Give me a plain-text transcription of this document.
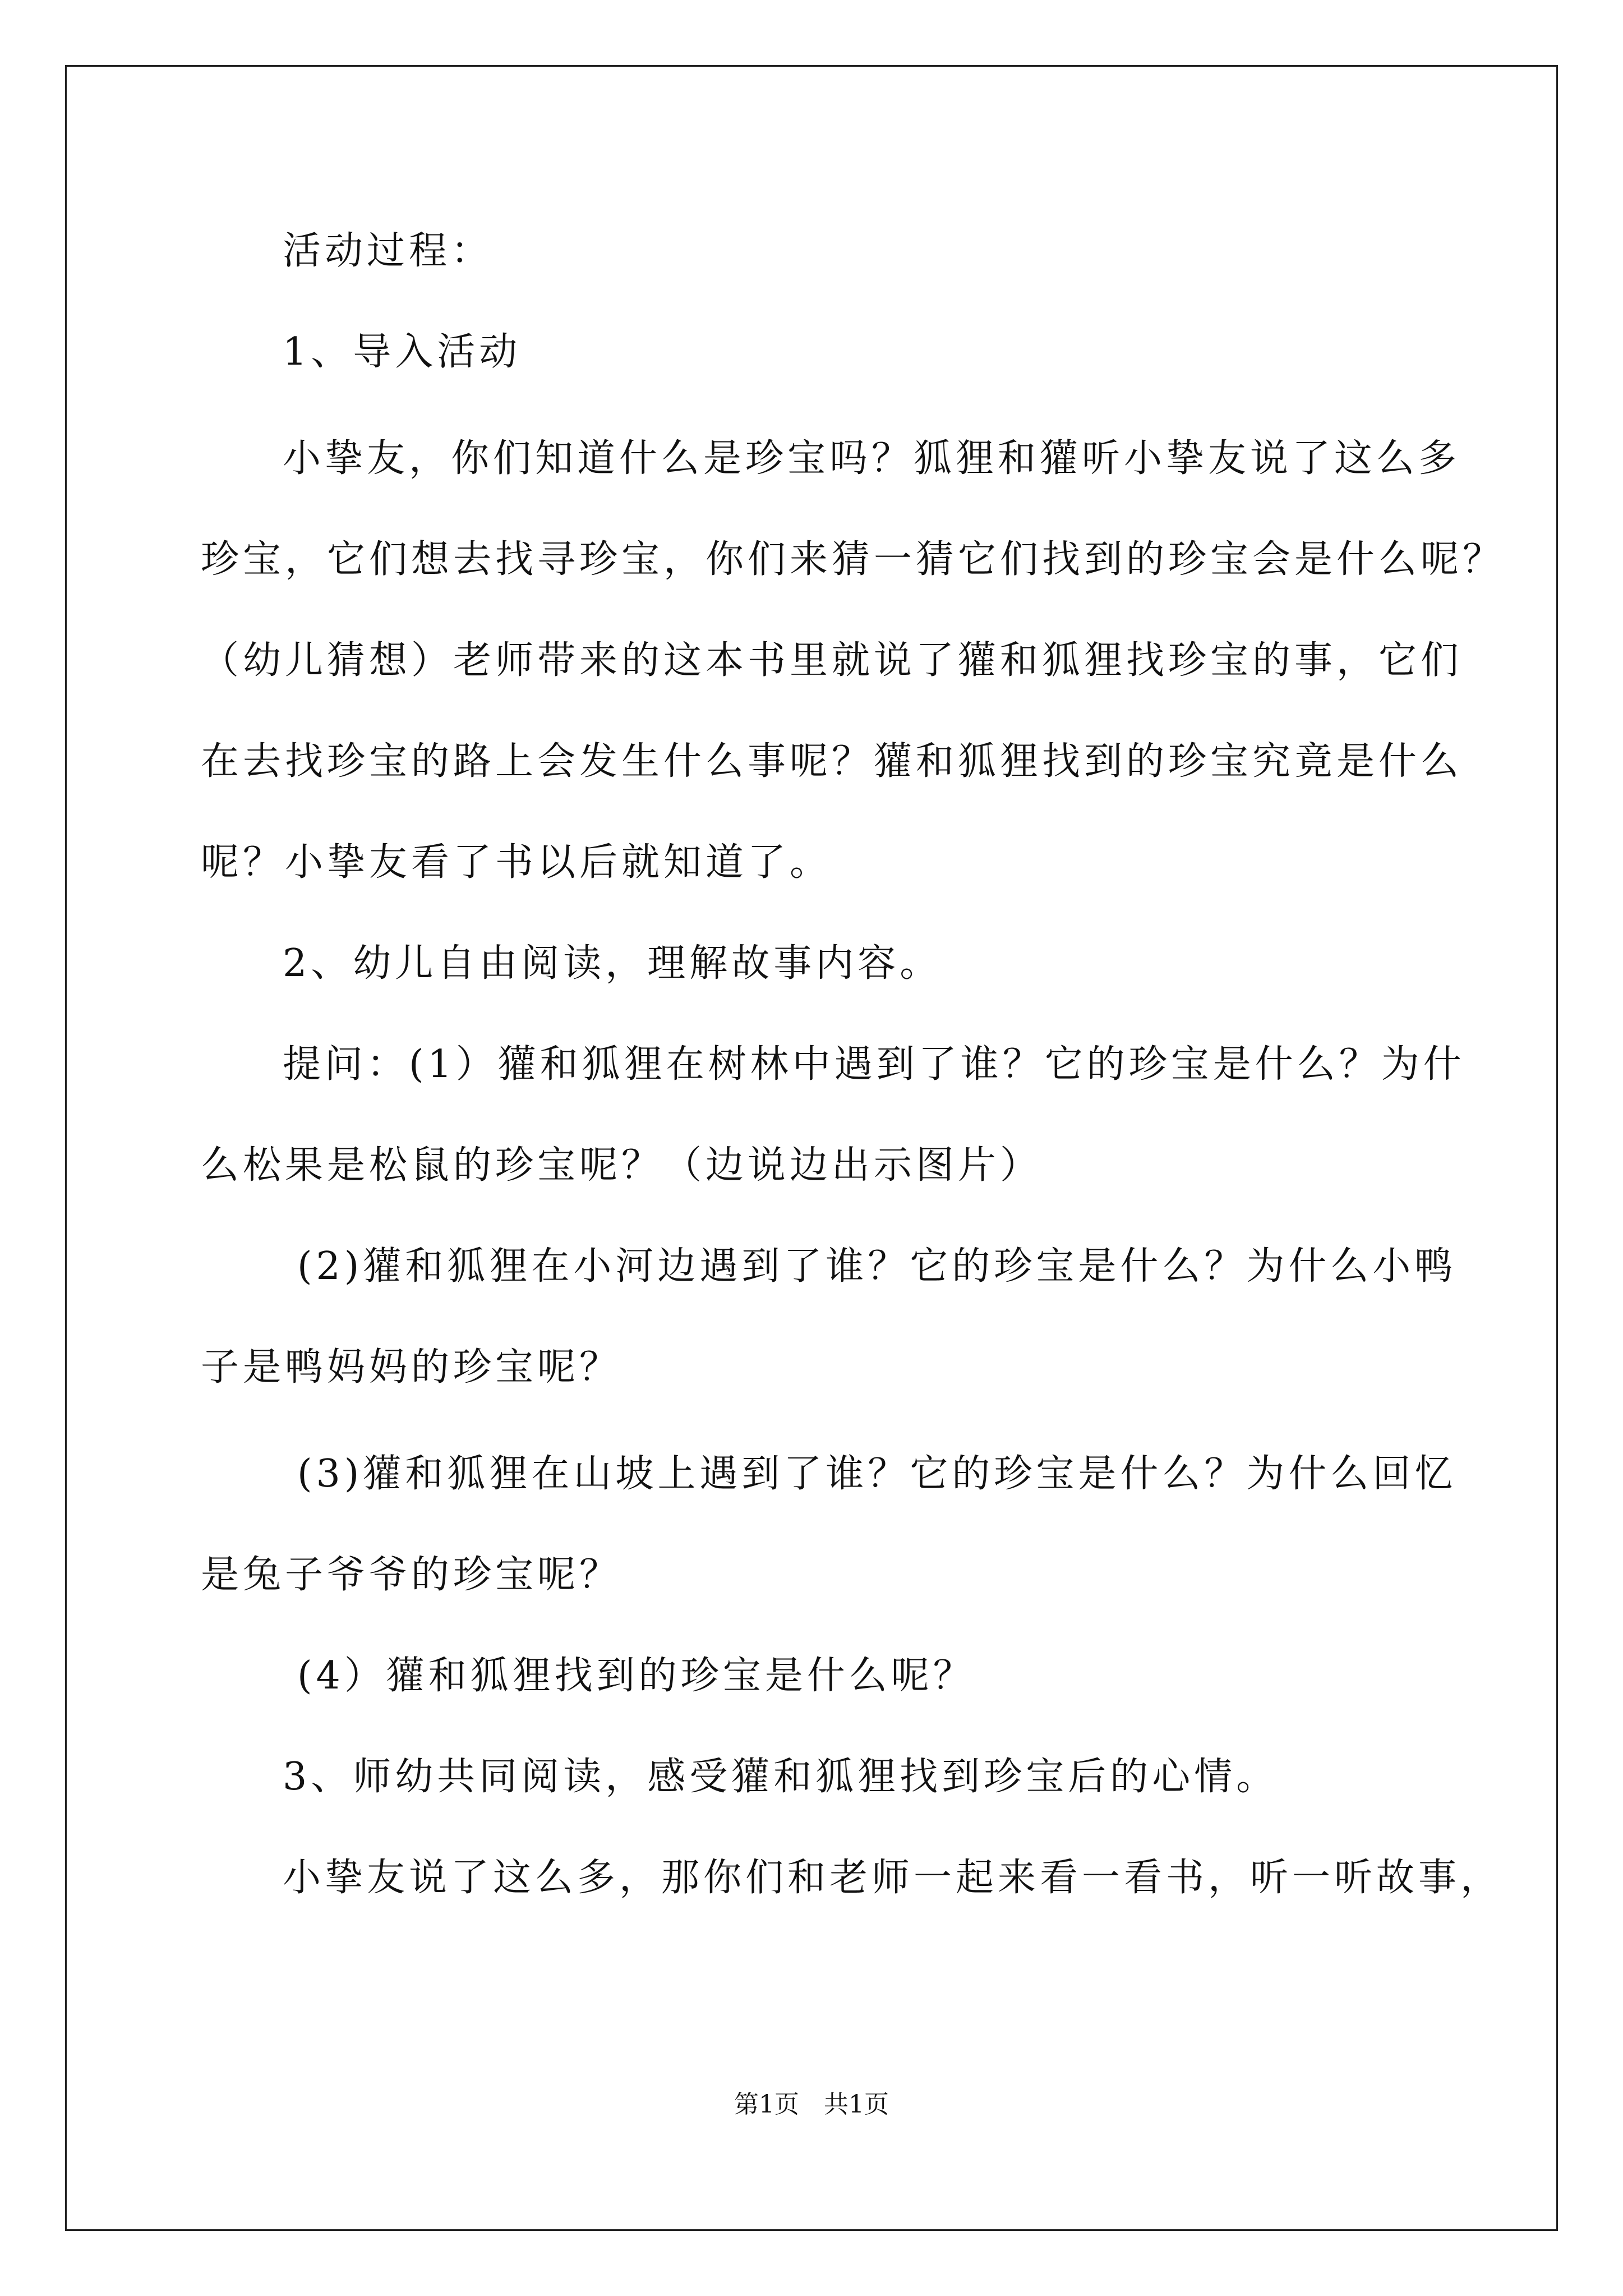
活动过程：
1、导入活动
小挚友，你们知道什么是珍宝吗？狐狸和獾听小挚友说了这么多
珍宝，它们想去找寻珍宝，你们来猜一猜它们找到的珍宝会是什么呢？
（幼儿猜想）老师带来的这本书里就说了獾和狐狸找珍宝的事，它们
在去找珍宝的路上会发生什么事呢？獾和狐狸找到的珍宝究竟是什么
呢？小挚友看了书以后就知道了。
2、幼儿自由阅读，理解故事内容。
提问：(1）獾和狐狸在树林中遇到了谁？它的珍宝是什么？为什
么松果是松鼠的珍宝呢？（边说边出示图片）
(2)獾和狐狸在小河边遇到了谁？它的珍宝是什么？为什么小鸭
子是鸭妈妈的珍宝呢？
(3)獾和狐狸在山坡上遇到了谁？它的珍宝是什么？为什么回忆
是兔子爷爷的珍宝呢？
(4）獾和狐狸找到的珍宝是什么呢？
3、师幼共同阅读，感受獾和狐狸找到珍宝后的心情。
小挚友说了这么多，那你们和老师一起来看一看书，听一听故事，
第1页　共1页
